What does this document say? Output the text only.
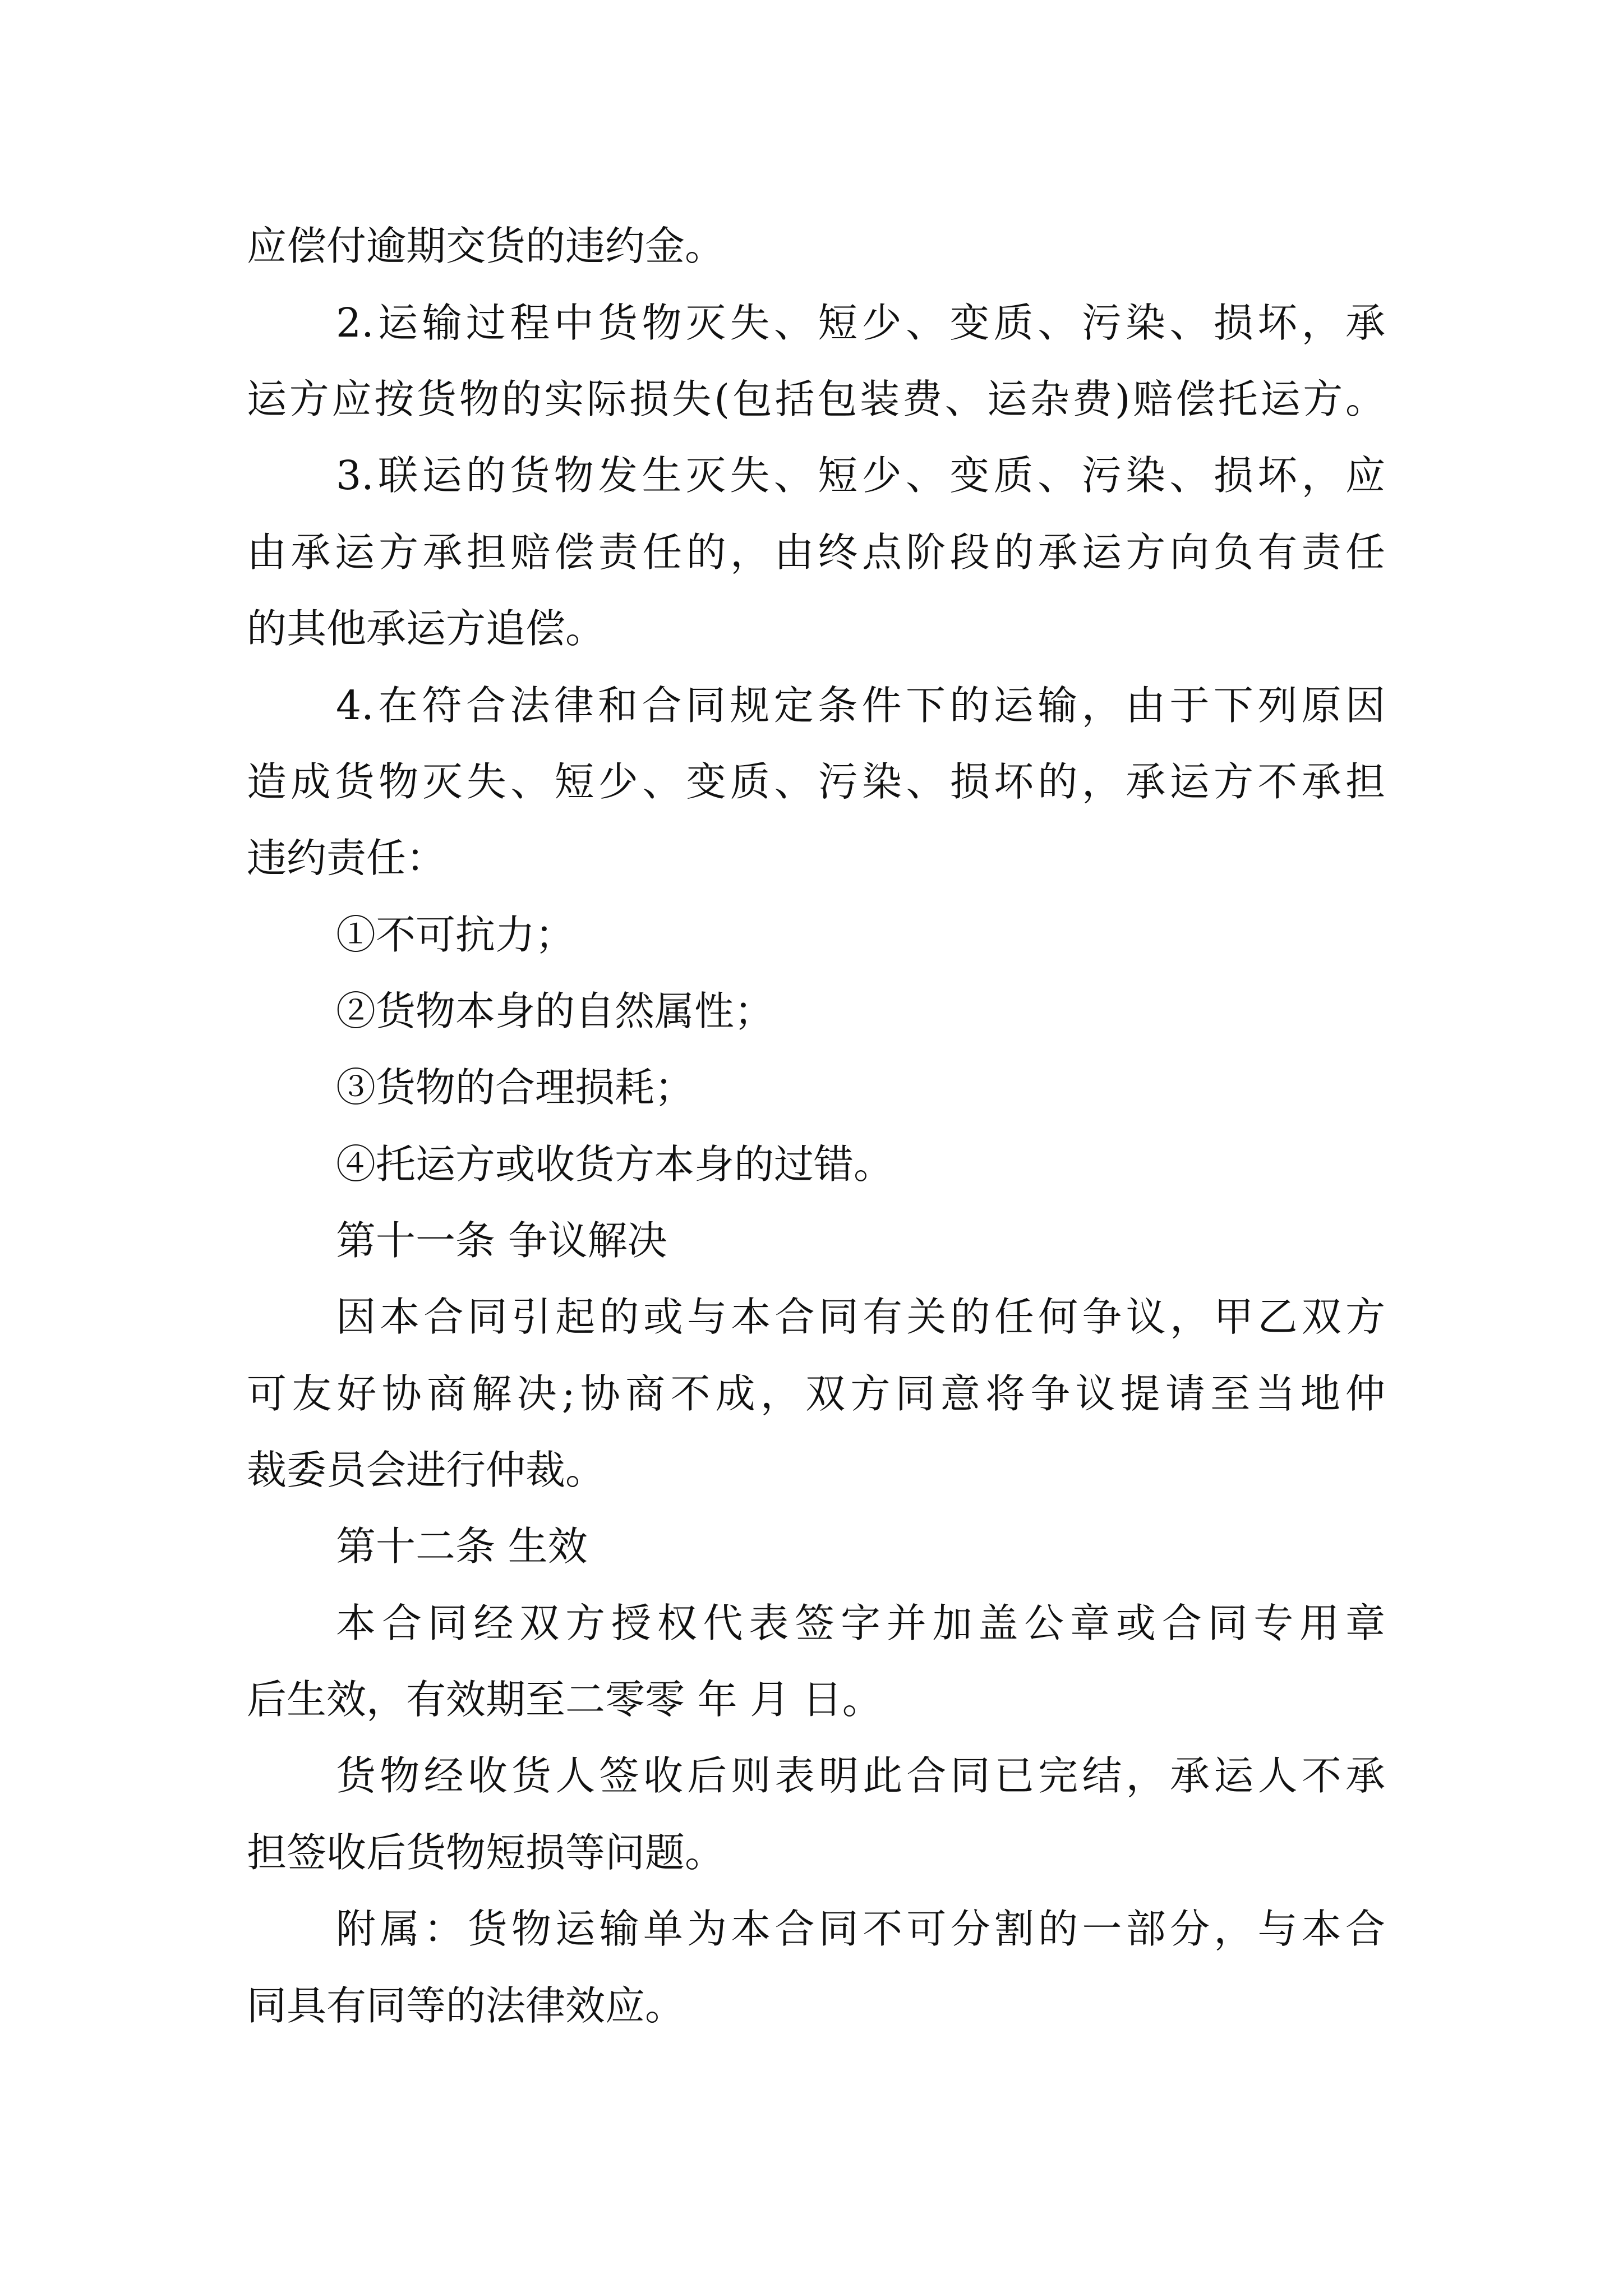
应偿付逾期交货的违约金。
2.运输过程中货物灭失、短少、变质、污染、损坏，承
运方应按货物的实际损失(包括包装费、运杂费)赔偿托运方。
3.联运的货物发生灭失、短少、变质、污染、损坏，应
由承运方承担赔偿责任的，由终点阶段的承运方向负有责任
的其他承运方追偿。
4.在符合法律和合同规定条件下的运输，由于下列原因
造成货物灭失、短少、变质、污染、损坏的，承运方不承担
违约责任：
①不可抗力；
②货物本身的自然属性；
③货物的合理损耗；
④托运方或收货方本身的过错。
第十一条 争议解决
因本合同引起的或与本合同有关的任何争议，甲乙双方
可友好协商解决;协商不成，双方同意将争议提请至当地仲
裁委员会进行仲裁。
第十二条 生效
本合同经双方授权代表签字并加盖公章或合同专用章
后生效，有效期至二零零 年 月 日。
货物经收货人签收后则表明此合同已完结，承运人不承
担签收后货物短损等问题。
附属：货物运输单为本合同不可分割的一部分，与本合
同具有同等的法律效应。
